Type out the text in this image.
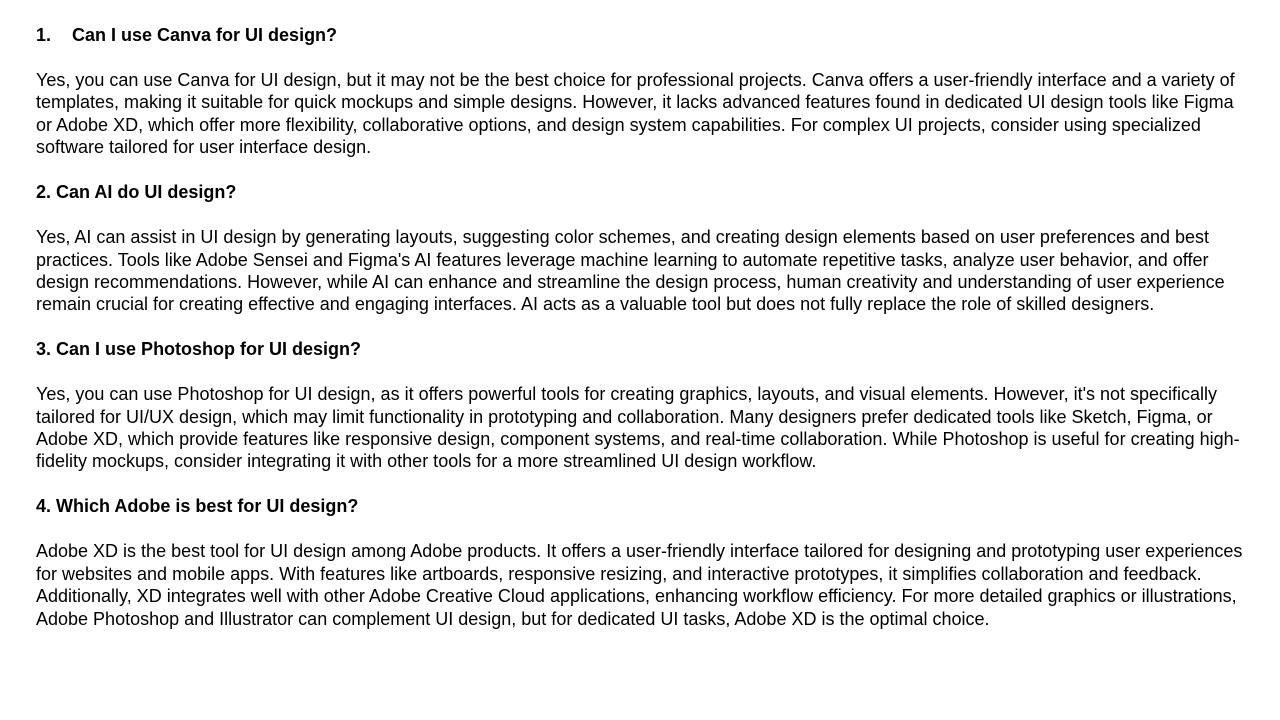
1. Can I use Canva for UI design?

Yes, you can use Canva for UI design, but it may not be the best choice for professional projects. Canva offers a user-friendly interface and a variety of templates, making it suitable for quick mockups and simple designs. However, it lacks advanced features found in dedicated UI design tools like Figma or Adobe XD, which offer more flexibility, collaborative options, and design system capabilities. For complex UI projects, consider using specialized software tailored for user interface design.

2. Can AI do UI design?

Yes, AI can assist in UI design by generating layouts, suggesting color schemes, and creating design elements based on user preferences and best practices. Tools like Adobe Sensei and Figma's AI features leverage machine learning to automate repetitive tasks, analyze user behavior, and offer design recommendations. However, while AI can enhance and streamline the design process, human creativity and understanding of user experience remain crucial for creating effective and engaging interfaces. AI acts as a valuable tool but does not fully replace the role of skilled designers.

3. Can I use Photoshop for UI design?

Yes, you can use Photoshop for UI design, as it offers powerful tools for creating graphics, layouts, and visual elements. However, it's not specifically tailored for UI/UX design, which may limit functionality in prototyping and collaboration. Many designers prefer dedicated tools like Sketch, Figma, or Adobe XD, which provide features like responsive design, component systems, and real-time collaboration. While Photoshop is useful for creating high-fidelity mockups, consider integrating it with other tools for a more streamlined UI design workflow.

4. Which Adobe is best for UI design?

Adobe XD is the best tool for UI design among Adobe products. It offers a user-friendly interface tailored for designing and prototyping user experiences for websites and mobile apps. With features like artboards, responsive resizing, and interactive prototypes, it simplifies collaboration and feedback. Additionally, XD integrates well with other Adobe Creative Cloud applications, enhancing workflow efficiency. For more detailed graphics or illustrations, Adobe Photoshop and Illustrator can complement UI design, but for dedicated UI tasks, Adobe XD is the optimal choice.
